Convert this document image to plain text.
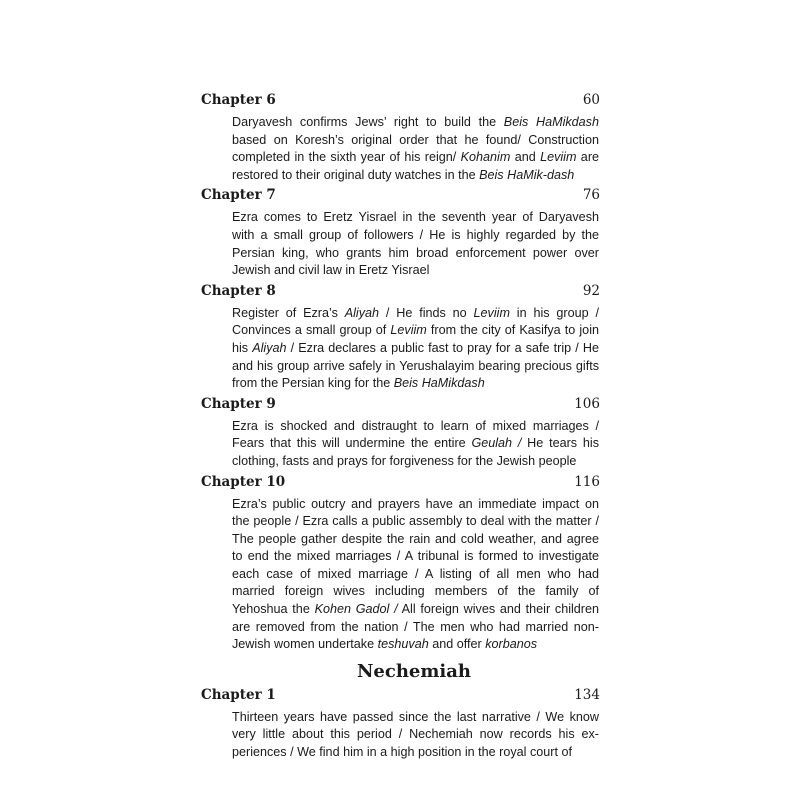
Chapter 6	60
Daryavesh confirms Jews’ right to build the Beis HaMikdash based on Koresh’s original order that he found/ Construction completed in the sixth year of his reign/ Kohanim and Leviim are restored to their original duty watches in the Beis HaMik-dash
Chapter 7	76
Ezra comes to Eretz Yisrael in the seventh year of Daryavesh with a small group of followers / He is highly regarded by the Persian king, who grants him broad enforcement power over Jewish and civil law in Eretz Yisrael
Chapter 8	92
Register of Ezra’s Aliyah / He finds no Leviim in his group / Convinces a small group of Leviim from the city of Kasifya to join his Aliyah / Ezra declares a public fast to pray for a safe trip / He and his group arrive safely in Yerushalayim bearing precious gifts from the Persian king for the Beis HaMikdash
Chapter 9	106
Ezra is shocked and distraught to learn of mixed marriages / Fears that this will undermine the entire Geulah / He tears his clothing, fasts and prays for forgiveness for the Jewish people
Chapter 10	116
Ezra’s public outcry and prayers have an immediate impact on the people / Ezra calls a public assembly to deal with the matter / The people gather despite the rain and cold weather, and agree to end the mixed marriages / A tribunal is formed to investigate each case of mixed marriage / A listing of all men who had married foreign wives including members of the family of Yehoshua the Kohen Gadol / All foreign wives and their children are removed from the nation / The men who had married non-Jewish women undertake teshuvah and offer korbanos
Nechemiah
Chapter 1	134
Thirteen years have passed since the last narrative / We know very little about this period / Nechemiah now records his ex-periences / We find him in a high position in the royal court of
